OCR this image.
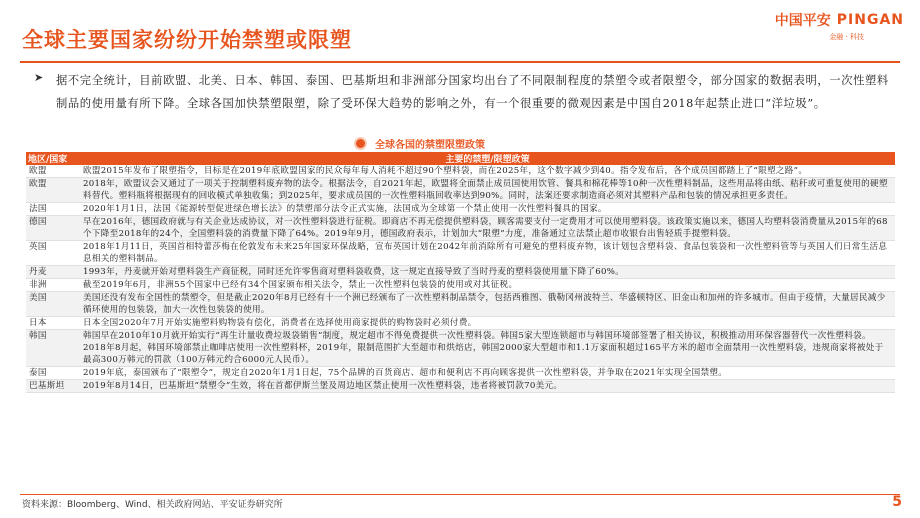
全球主要国家纷纷开始禁塑或限塑
中国平安 PINGAN
金融 · 科技
➤ 据不完全统计，目前欧盟、北美、日本、韩国、泰国、巴基斯坦和非洲部分国家均出台了不同限制程度的禁塑令或者限塑令，部分国家的数据表明，一次性塑料制品的使用量有所下降。全球各国加快禁塑限塑，除了受环保大趋势的影响之外，有一个很重要的微观因素是中国自2018年起禁止进口“洋垃圾”。
全球各国的禁塑限塑政策
地区/国家	主要的禁塑/限塑政策
欧盟	欧盟2015年发布了限塑指令，目标是在2019年底欧盟国家的民众每年每人消耗不超过90个塑料袋，而在2025年，这个数字减少到40。指令发布后，各个成员国都踏上了“限塑之路”。
欧盟	2018年，欧盟议会又通过了一项关于控制塑料废弃物的法令。根据法令，自2021年起，欧盟将全面禁止成员国使用饮管、餐具和棉花棒等10种一次性塑料制品，这些用品将由纸、秸秆或可重复使用的硬塑料替代。塑料瓶将根据现有的回收模式单独收集；到2025年，要求成员国的一次性塑料瓶回收率达到90%。同时，法案还要求制造商必须对其塑料产品和包装的情况承担更多责任。
法国	2020年1月1日，法国《能源转型促进绿色增长法》的禁塑部分法令正式实施，法国成为全球第一个禁止使用一次性塑料餐具的国家。
德国	早在2016年，德国政府就与有关企业达成协议，对一次性塑料袋进行征税。即商店不再无偿提供塑料袋，顾客需要支付一定费用才可以使用塑料袋。该政策实施以来，德国人均塑料袋消费量从2015年的68个下降至2018年的24个，全国塑料袋的消费量下降了64%。2019年9月，德国政府表示，计划加大“限塑”力度，准备通过立法禁止超市收银台出售轻质手提塑料袋。
英国	2018年1月11日，英国首相特蕾莎梅在伦敦发布未来25年国家环保战略，宣布英国计划在2042年前消除所有可避免的塑料废弃物，该计划包含塑料袋、食品包装袋和一次性塑料管等与英国人们日常生活息息相关的塑料制品。
丹麦	1993年，丹麦就开始对塑料袋生产商征税，同时还允许零售商对塑料袋收费，这一规定直接导致了当时丹麦的塑料袋使用量下降了60%。
非洲	截至2019年6月，非洲55个国家中已经有34个国家颁布相关法令，禁止一次性塑料包装袋的使用或对其征税。
美国	美国还没有发布全国性的禁塑令，但是截止2020年8月已经有十一个洲已经颁布了一次性塑料制品禁令，包括西雅图、俄勒冈州波特兰、华盛顿特区、旧金山和加州的许多城市。但由于疫情，大量居民减少循环使用的包装袋，加大一次性包装袋的使用。
日本	日本全国2020年7月开始实施塑料购物袋有偿化，消费者在选择使用商家提供的购物袋时必须付费。
韩国	韩国早在2010年10月就开始实行“再生计量收费垃圾袋销售”制度，规定超市不得免费提供一次性塑料袋。韩国5家大型连锁超市与韩国环境部签署了相关协议，积极推动用环保容器替代一次性塑料袋。2018年8月起，韩国环境部禁止咖啡店使用一次性塑料杯，2019年，限制范围扩大至超市和烘焙店，韩国2000家大型超市和1.1万家面积超过165平方米的超市全面禁用一次性塑料袋，违规商家将被处于最高300万韩元的罚款（100万韩元约合6000元人民币）。
泰国	2019年底，泰国颁布了“限塑令”，规定自2020年1月1日起，75个品牌的百货商店、超市和便利店不再向顾客提供一次性塑料袋，并争取在2021年实现全国禁塑。
巴基斯坦	2019年8月14日，巴基斯坦“禁塑令”生效，将在首都伊斯兰堡及周边地区禁止使用一次性塑料袋，违者将被罚款70美元。
资料来源：Bloomberg、Wind、相关政府网站、平安证券研究所	5
